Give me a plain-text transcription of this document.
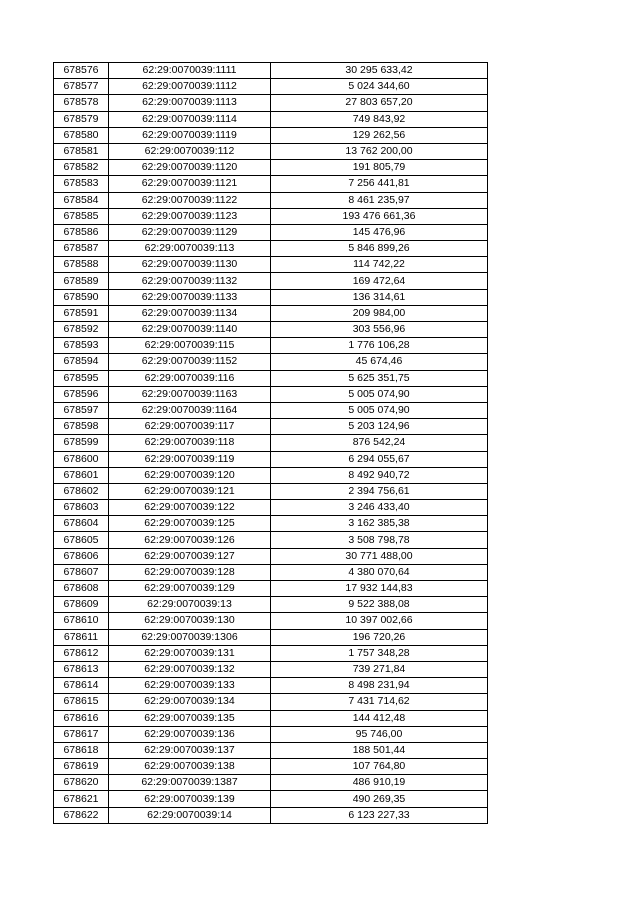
678576	62:29:0070039:1111	30 295 633,42
678577	62:29:0070039:1112	5 024 344,60
678578	62:29:0070039:1113	27 803 657,20
678579	62:29:0070039:1114	749 843,92
678580	62:29:0070039:1119	129 262,56
678581	62:29:0070039:112	13 762 200,00
678582	62:29:0070039:1120	191 805,79
678583	62:29:0070039:1121	7 256 441,81
678584	62:29:0070039:1122	8 461 235,97
678585	62:29:0070039:1123	193 476 661,36
678586	62:29:0070039:1129	145 476,96
678587	62:29:0070039:113	5 846 899,26
678588	62:29:0070039:1130	114 742,22
678589	62:29:0070039:1132	169 472,64
678590	62:29:0070039:1133	136 314,61
678591	62:29:0070039:1134	209 984,00
678592	62:29:0070039:1140	303 556,96
678593	62:29:0070039:115	1 776 106,28
678594	62:29:0070039:1152	45 674,46
678595	62:29:0070039:116	5 625 351,75
678596	62:29:0070039:1163	5 005 074,90
678597	62:29:0070039:1164	5 005 074,90
678598	62:29:0070039:117	5 203 124,96
678599	62:29:0070039:118	876 542,24
678600	62:29:0070039:119	6 294 055,67
678601	62:29:0070039:120	8 492 940,72
678602	62:29:0070039:121	2 394 756,61
678603	62:29:0070039:122	3 246 433,40
678604	62:29:0070039:125	3 162 385,38
678605	62:29:0070039:126	3 508 798,78
678606	62:29:0070039:127	30 771 488,00
678607	62:29:0070039:128	4 380 070,64
678608	62:29:0070039:129	17 932 144,83
678609	62:29:0070039:13	9 522 388,08
678610	62:29:0070039:130	10 397 002,66
678611	62:29:0070039:1306	196 720,26
678612	62:29:0070039:131	1 757 348,28
678613	62:29:0070039:132	739 271,84
678614	62:29:0070039:133	8 498 231,94
678615	62:29:0070039:134	7 431 714,62
678616	62:29:0070039:135	144 412,48
678617	62:29:0070039:136	95 746,00
678618	62:29:0070039:137	188 501,44
678619	62:29:0070039:138	107 764,80
678620	62:29:0070039:1387	486 910,19
678621	62:29:0070039:139	490 269,35
678622	62:29:0070039:14	6 123 227,33
